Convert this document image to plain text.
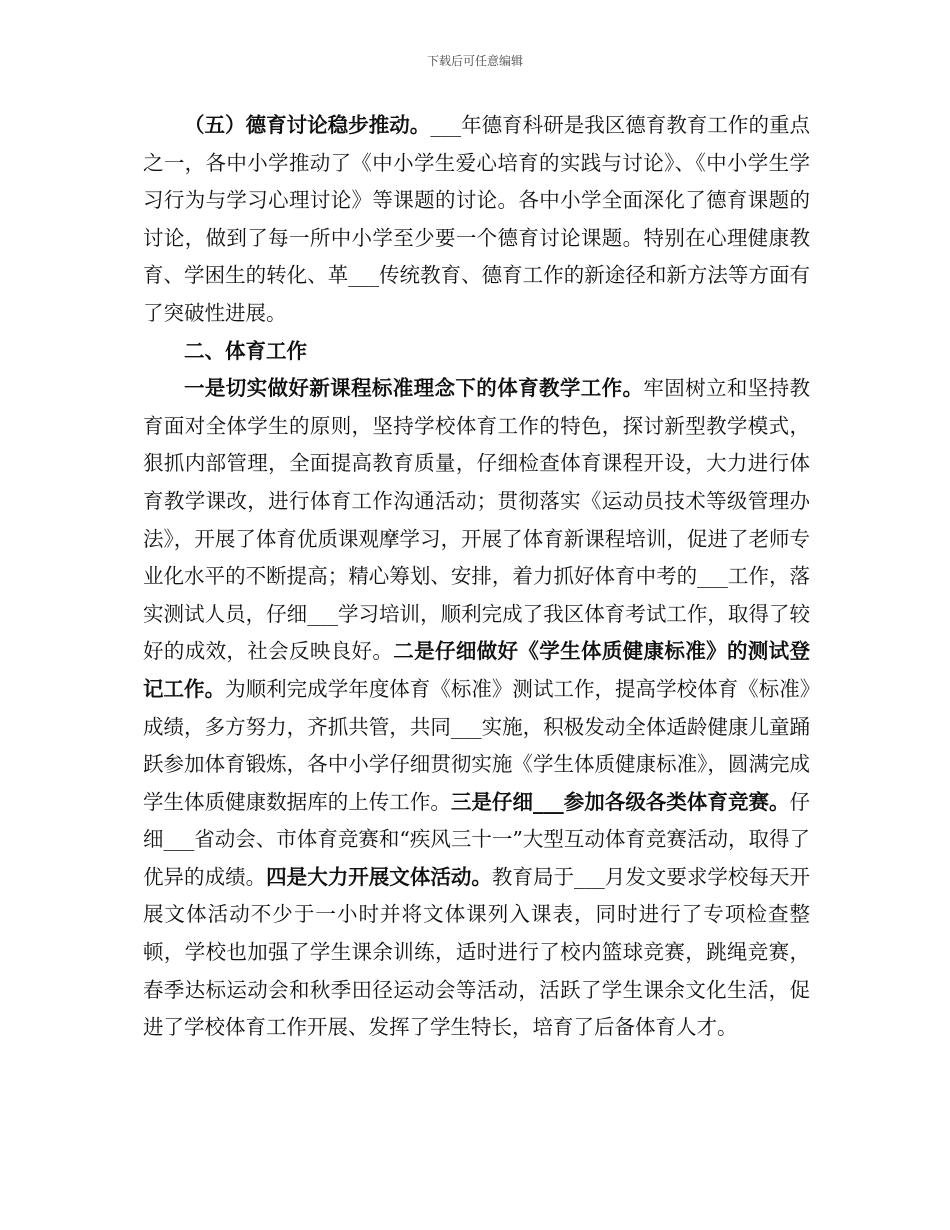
下载后可任意编辑

（五）德育讨论稳步推动。___年德育科研是我区德育教育工作的重点之一，各中小学推动了《中小学生爱心培育的实践与讨论》、《中小学生学习行为与学习心理讨论》等课题的讨论。各中小学全面深化了德育课题的讨论，做到了每一所中小学至少要一个德育讨论课题。特别在心理健康教育、学困生的转化、革___传统教育、德育工作的新途径和新方法等方面有了突破性进展。

二、体育工作

一是切实做好新课程标准理念下的体育教学工作。牢固树立和坚持教育面对全体学生的原则，坚持学校体育工作的特色，探讨新型教学模式，狠抓内部管理，全面提高教育质量，仔细检查体育课程开设，大力进行体育教学课改，进行体育工作沟通活动；贯彻落实《运动员技术等级管理办法》，开展了体育优质课观摩学习，开展了体育新课程培训，促进了老师专业化水平的不断提高；精心筹划、安排，着力抓好体育中考的___工作，落实测试人员，仔细___学习培训，顺利完成了我区体育考试工作，取得了较好的成效，社会反映良好。二是仔细做好《学生体质健康标准》的测试登记工作。为顺利完成学年度体育《标准》测试工作，提高学校体育《标准》成绩，多方努力，齐抓共管，共同___实施，积极发动全体适龄健康儿童踊跃参加体育锻炼，各中小学仔细贯彻实施《学生体质健康标准》，圆满完成学生体质健康数据库的上传工作。三是仔细___参加各级各类体育竞赛。仔细___省动会、市体育竞赛和“疾风三十一”大型互动体育竞赛活动，取得了优异的成绩。四是大力开展文体活动。教育局于___月发文要求学校每天开展文体活动不少于一小时并将文体课列入课表，同时进行了专项检查整顿，学校也加强了学生课余训练，适时进行了校内篮球竞赛，跳绳竞赛，春季达标运动会和秋季田径运动会等活动，活跃了学生课余文化生活，促进了学校体育工作开展、发挥了学生特长，培育了后备体育人才。
